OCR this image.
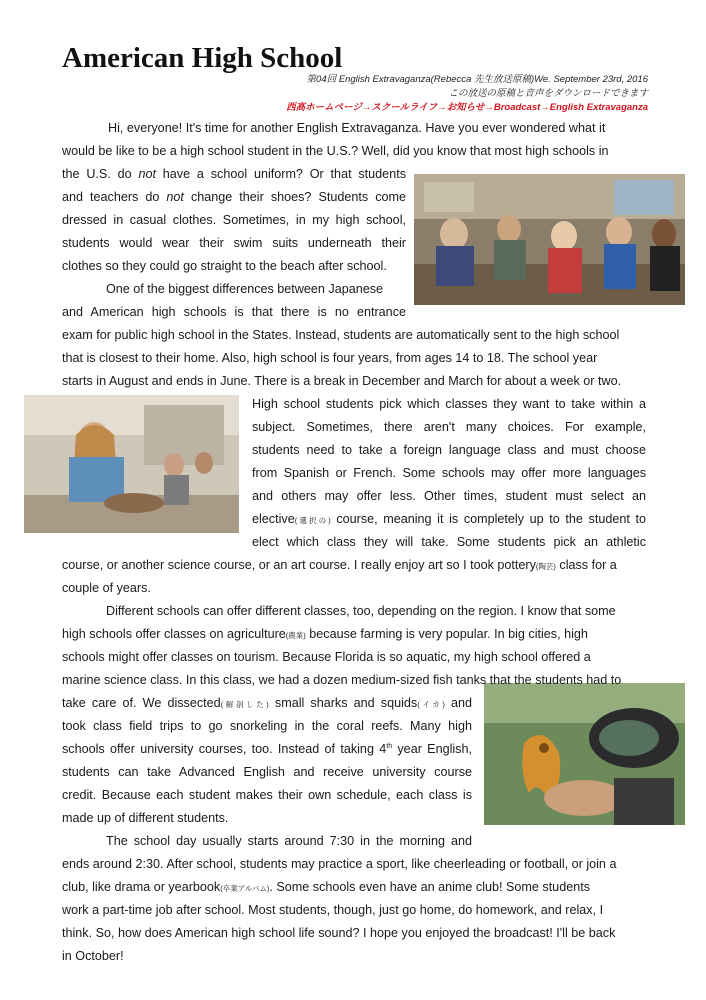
American High School
第04回 English Extravaganza(Rebecca 先生放送原稿)We. September 23rd, 2016
この放送の原稿と音声をダウンロードできます
西高ホームページ→スクールライフ→お知らせ→Broadcast→English Extravaganza
Hi, everyone! It's time for another English Extravaganza. Have you ever wondered what it
would be like to be a high school student in the U.S.? Well, did you know that most high schools in
the U.S. do not have a school uniform? Or that students
and teachers do not change their shoes? Students come
dressed in casual clothes. Sometimes, in my high school,
students would wear their swim suits underneath their
clothes so they could go straight to the beach after school.
One of the biggest differences between Japanese
and American high schools is that there is no entrance
exam for public high school in the States. Instead, students are automatically sent to the high school
that is closest to their home. Also, high school is four years, from ages 14 to 18. The school year
starts in August and ends in June. There is a break in December and March for about a week or two.
High school students pick which classes they want to take within a
subject. Sometimes, there aren't many choices. For example,
students need to take a foreign language class and must choose
from Spanish or French. Some schools may offer more languages
and others may offer less. Other times, student must select an
elective(選択の) course, meaning it is completely up to the student to
elect which class they will take. Some students pick an athletic
course, or another science course, or an art course. I really enjoy art so I took pottery(陶芸) class for a
couple of years.
Different schools can offer different classes, too, depending on the region. I know that some
high schools offer classes on agriculture(農業) because farming is very popular. In big cities, high
schools might offer classes on tourism. Because Florida is so aquatic, my high school offered a
marine science class. In this class, we had a dozen medium-sized fish tanks that the students had to
take care of. We dissected(解剖した) small sharks and squids(イカ) and
took class field trips to go snorkeling in the coral reefs. Many high
schools offer university courses, too. Instead of taking 4th year English,
students can take Advanced English and receive university course
credit. Because each student makes their own schedule, each class is
made up of different students.
The school day usually starts around 7:30 in the morning and
ends around 2:30. After school, students may practice a sport, like cheerleading or football, or join a
club, like drama or yearbook(卒業アルバム). Some schools even have an anime club! Some students
work a part-time job after school. Most students, though, just go home, do homework, and relax, I
think. So, how does American high school life sound? I hope you enjoyed the broadcast! I'll be back
in October!
